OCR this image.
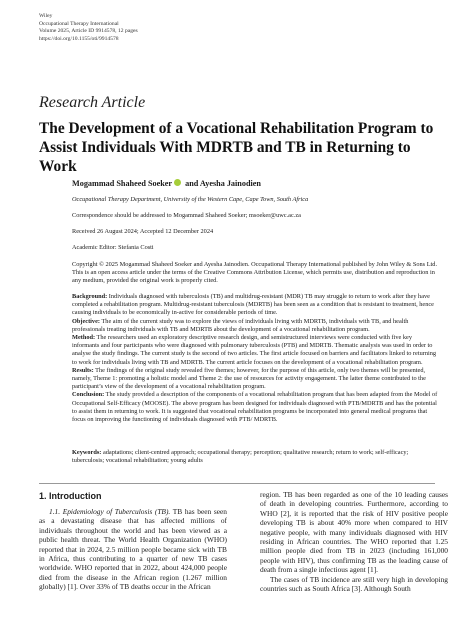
Wiley
Occupational Therapy International
Volume 2025, Article ID 9914578, 12 pages
https://doi.org/10.1155/oti/9914578
Research Article
The Development of a Vocational Rehabilitation Program to Assist Individuals With MDRTB and TB in Returning to Work
Mogammad Shaheed Soeker and Ayesha Jainodien
Occupational Therapy Department, University of the Western Cape, Cape Town, South Africa
Correspondence should be addressed to Mogammad Shaheed Soeker; msoeker@uwc.ac.za
Received 26 August 2024; Accepted 12 December 2024
Academic Editor: Stefania Costi
Copyright © 2025 Mogammad Shaheed Soeker and Ayesha Jainodien. Occupational Therapy International published by John Wiley & Sons Ltd. This is an open access article under the terms of the Creative Commons Attribution License, which permits use, distribution and reproduction in any medium, provided the original work is properly cited.

Background: Individuals diagnosed with tuberculosis (TB) and multidrug-resistant (MDR) TB may struggle to return to work after they have completed a rehabilitation program. Multidrug-resistant tuberculosis (MDRTB) has been seen as a condition that is resistant to treatment, hence causing individuals to be economically in-active for considerable periods of time.

Objective: The aim of the current study was to explore the views of individuals living with MDRTB, individuals with TB, and health professionals treating individuals with TB and MDRTB about the development of a vocational rehabilitation program.

Method: The researchers used an exploratory descriptive research design, and semistructured interviews were conducted with five key informants and four participants who were diagnosed with pulmonary tuberculosis (PTB) and MDRTB. Thematic analysis was used in order to analyse the study findings. The current study is the second of two articles. The first article focused on barriers and facilitators linked to returning to work for individuals living with TB and MDRTB. The current article focuses on the development of a vocational rehabilitation program.

Results: The findings of the original study revealed five themes; however, for the purpose of this article, only two themes will be presented, namely, Theme 1: promoting a holistic model and Theme 2: the use of resources for activity engagement. The latter theme contributed to the participant’s view of the development of a vocational rehabilitation program.

Conclusion: The study provided a description of the components of a vocational rehabilitation program that has been adapted from the Model of Occupational Self-Efficacy (MOOSE). The above program has been designed for individuals diagnosed with PTB/MDRTB and has the potential to assist them in returning to work. It is suggested that vocational rehabilitation programs be incorporated into general medical programs that focus on improving the functioning of individuals diagnosed with PTB/ MDRTB.

Keywords: adaptations; client-centred approach; occupational therapy; perception; qualitative research; return to work; self-efficacy; tuberculosis; vocational rehabilitation; young adults
1. Introduction

1.1. Epidemiology of Tuberculosis (TB). TB has been seen as a devastating disease that has affected millions of individuals throughout the world and has been viewed as a public health threat. The World Health Organization (WHO) reported that in 2024, 2.5 million people became sick with TB in Africa, thus contributing to a quarter of new TB cases worldwide. WHO reported that in 2022, about 424,000 people died from the disease in the African region (1.267 million globally) [1]. Over 33% of TB deaths occur in the African

region. TB has been regarded as one of the 10 leading causes of death in developing countries. Furthermore, according to WHO [2], it is reported that the risk of HIV positive people developing TB is about 40% more when compared to HIV negative people, with many individuals diagnosed with HIV residing in African countries. The WHO reported that 1.25 million people died from TB in 2023 (including 161,000 people with HIV), thus confirming TB as the leading cause of death from a single infectious agent [1].

The cases of TB incidence are still very high in developing countries such as South Africa [3]. Although South
